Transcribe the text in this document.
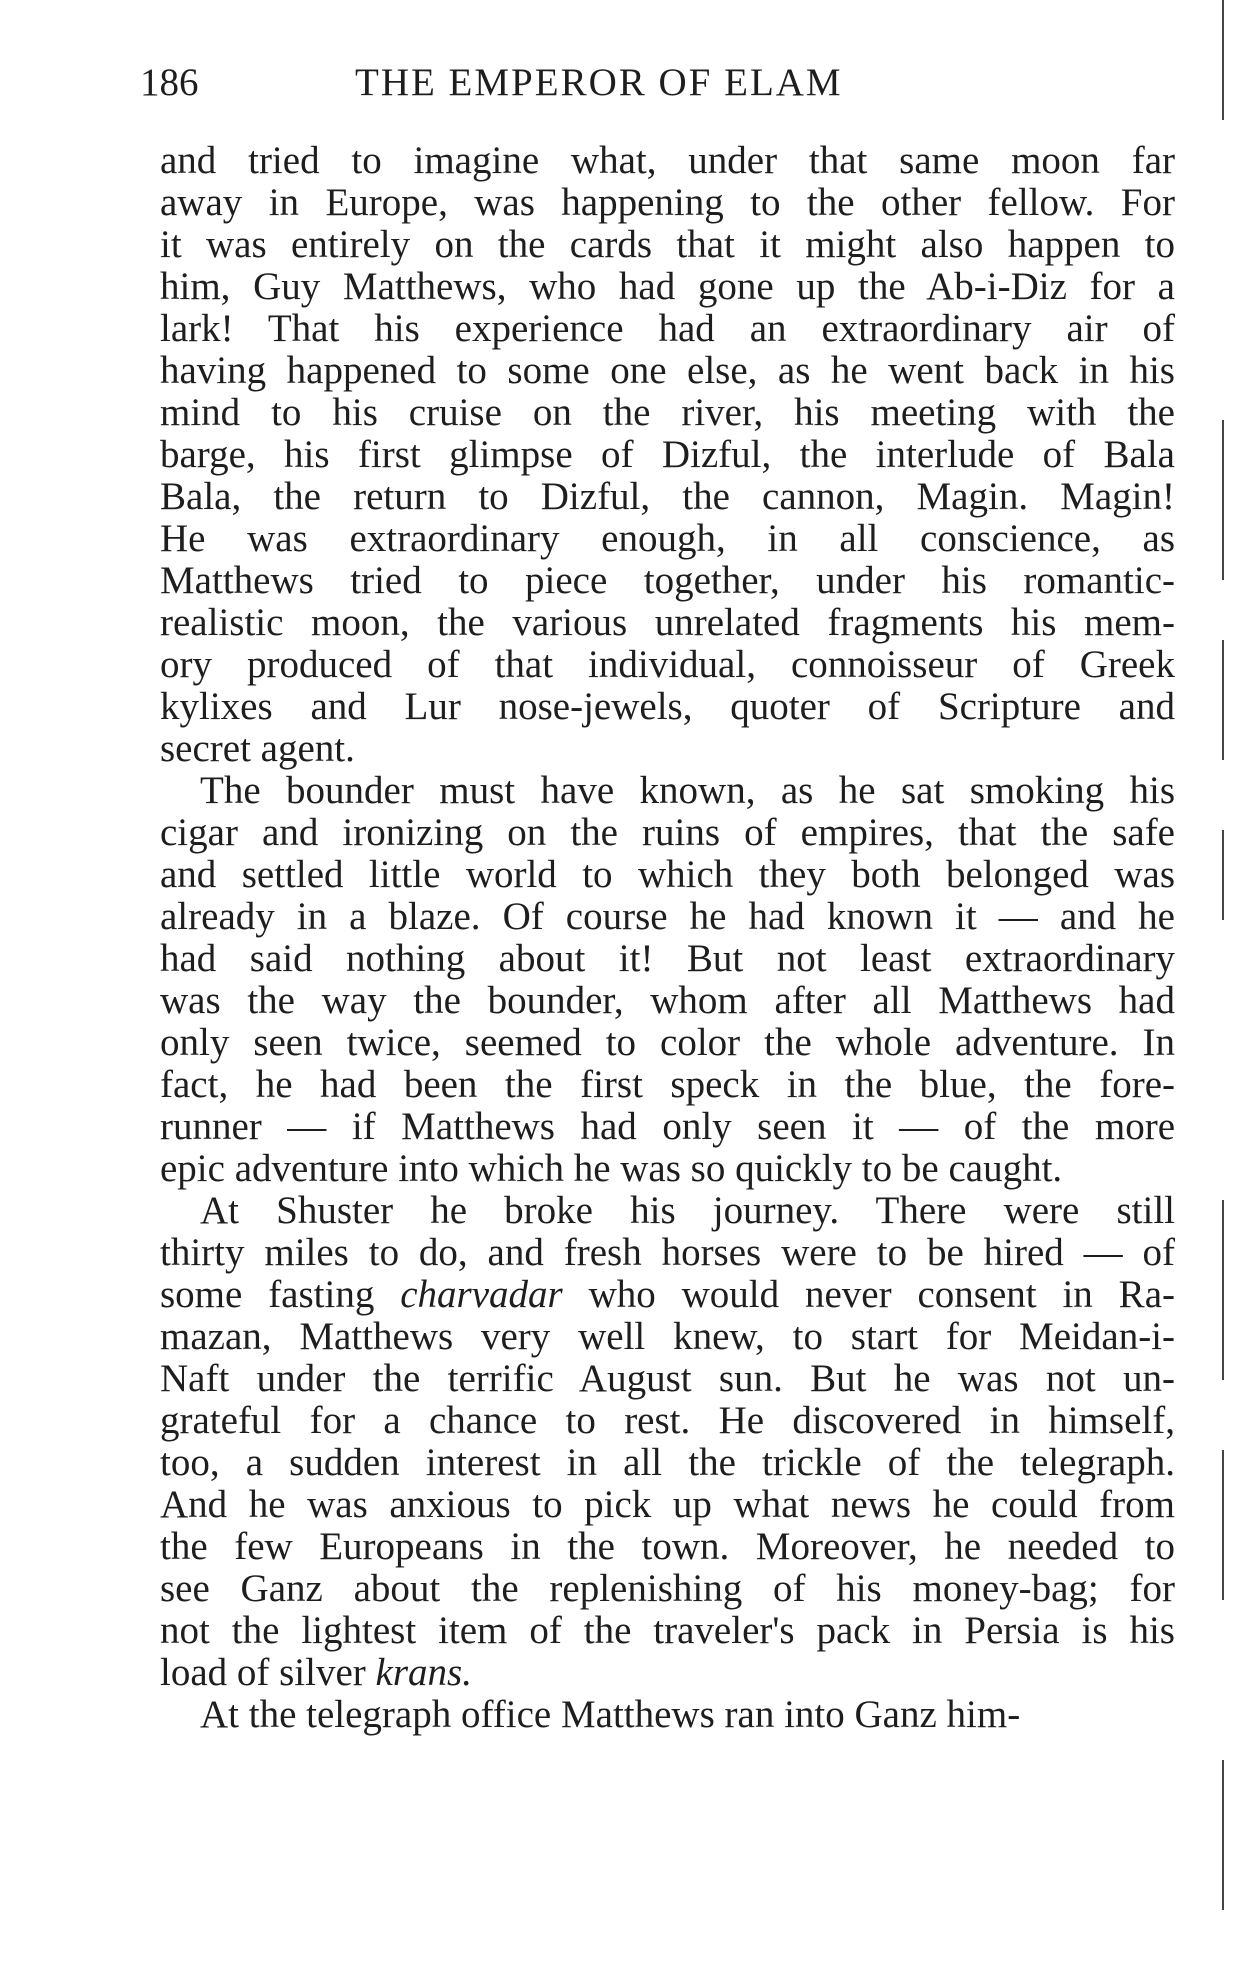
186	THE EMPEROR OF ELAM
and tried to imagine what, under that same moon far
away in Europe, was happening to the other fellow. For
it was entirely on the cards that it might also happen to
him, Guy Matthews, who had gone up the Ab-i-Diz for a
lark! That his experience had an extraordinary air of
having happened to some one else, as he went back in his
mind to his cruise on the river, his meeting with the
barge, his first glimpse of Dizful, the interlude of Bala
Bala, the return to Dizful, the cannon, Magin. Magin!
He was extraordinary enough, in all conscience, as
Matthews tried to piece together, under his romantic-
realistic moon, the various unrelated fragments his mem-
ory produced of that individual, connoisseur of Greek
kylixes and Lur nose-jewels, quoter of Scripture and
secret agent.
The bounder must have known, as he sat smoking his
cigar and ironizing on the ruins of empires, that the safe
and settled little world to which they both belonged was
already in a blaze. Of course he had known it — and he
had said nothing about it! But not least extraordinary
was the way the bounder, whom after all Matthews had
only seen twice, seemed to color the whole adventure. In
fact, he had been the first speck in the blue, the fore-
runner — if Matthews had only seen it — of the more
epic adventure into which he was so quickly to be caught.
At Shuster he broke his journey. There were still
thirty miles to do, and fresh horses were to be hired — of
some fasting charvadar who would never consent in Ra-
mazan, Matthews very well knew, to start for Meidan-i-
Naft under the terrific August sun. But he was not un-
grateful for a chance to rest. He discovered in himself,
too, a sudden interest in all the trickle of the telegraph.
And he was anxious to pick up what news he could from
the few Europeans in the town. Moreover, he needed to
see Ganz about the replenishing of his money-bag; for
not the lightest item of the traveler's pack in Persia is his
load of silver krans.
At the telegraph office Matthews ran into Ganz him-
